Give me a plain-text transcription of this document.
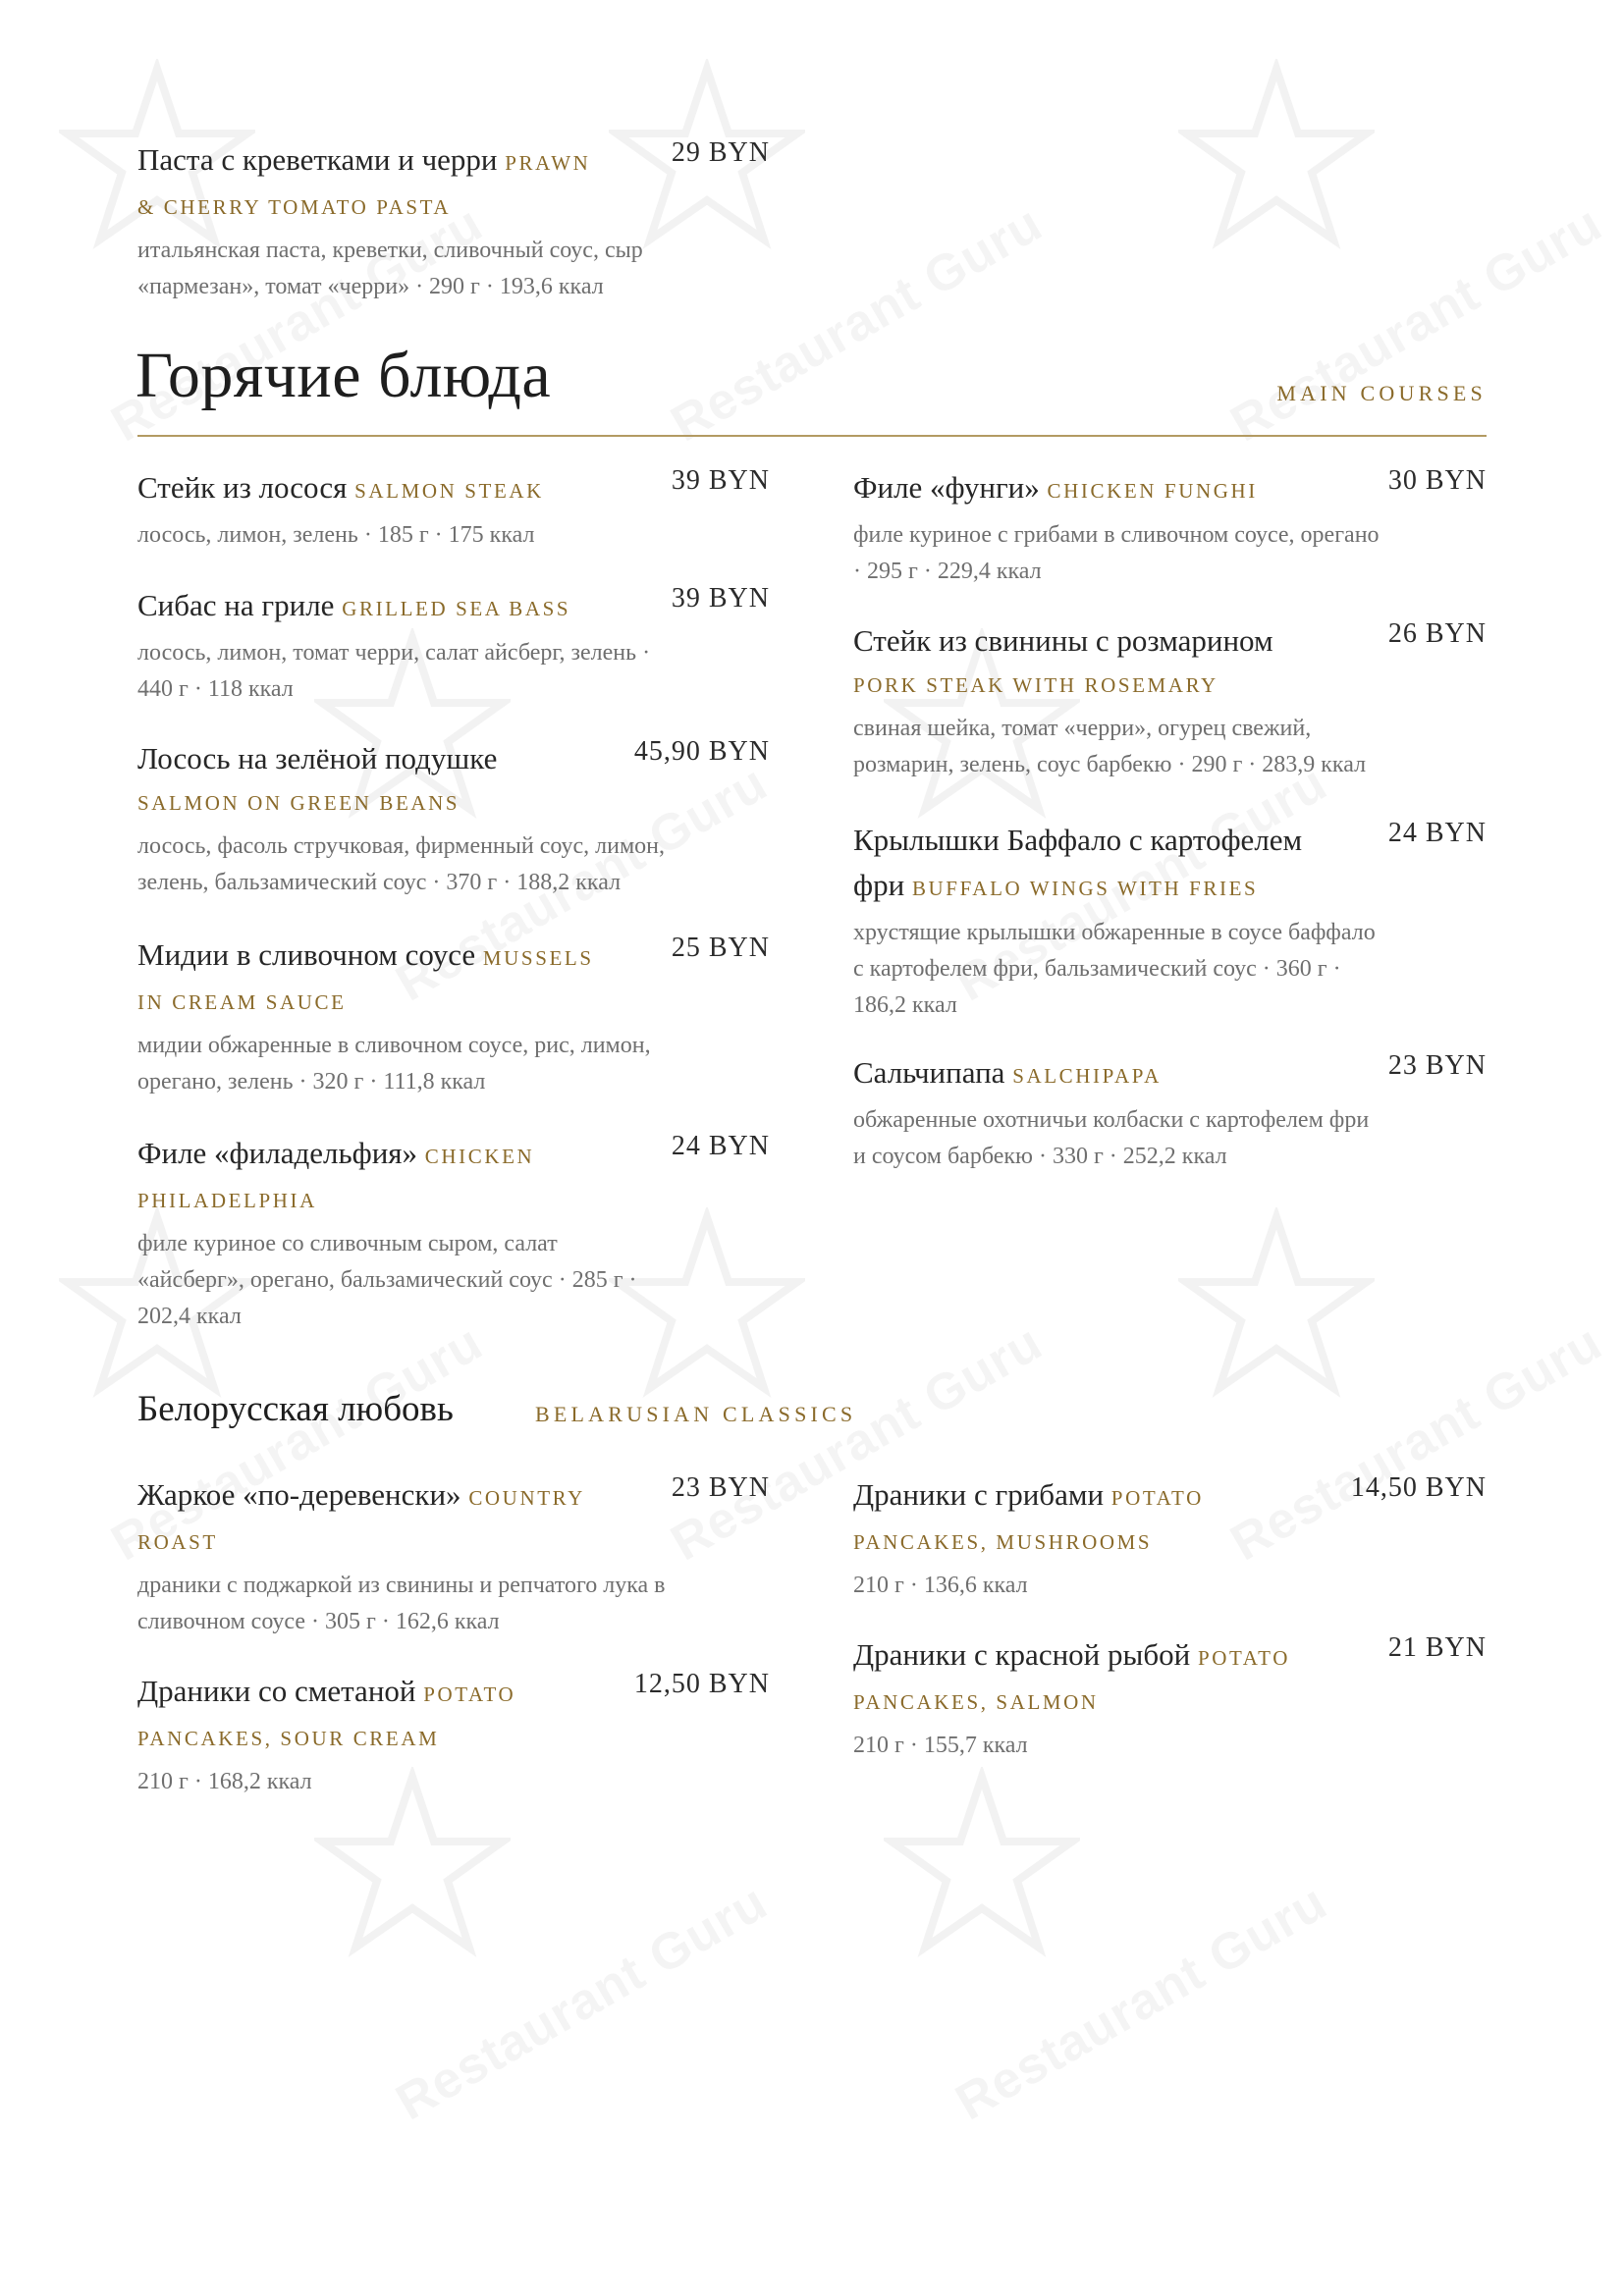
Паста с креветками и черри PRAWN
& CHERRY TOMATO PASTA
итальянская паста, креветки, сливочный соус, сыр
«пармезан», томат «черри» · 290 г · 193,6 ккал
29 BYN
Горячие блюда	MAIN COURSES
Стейк из лосося SALMON STEAK
лосось, лимон, зелень · 185 г · 175 ккал
39 BYN
Сибас на гриле GRILLED SEA BASS
лосось, лимон, томат черри, салат айсберг, зелень ·
440 г · 118 ккал
39 BYN
Лосось на зелёной подушке
SALMON ON GREEN BEANS
лосось, фасоль стручковая, фирменный соус, лимон,
зелень, бальзамический соус · 370 г · 188,2 ккал
45,90 BYN
Мидии в сливочном соусе MUSSELS
IN CREAM SAUCE
мидии обжаренные в сливочном соусе, рис, лимон,
орегано, зелень · 320 г · 111,8 ккал
25 BYN
Филе «филадельфия» CHICKEN
PHILADELPHIA
филе куриное со сливочным сыром, салат
«айсберг», орегано, бальзамический соус · 285 г ·
202,4 ккал
24 BYN
Филе «фунги» CHICKEN FUNGHI
филе куриное с грибами в сливочном соусе, орегано
· 295 г · 229,4 ккал
30 BYN
Стейк из свинины с розмарином
PORK STEAK WITH ROSEMARY
свиная шейка, томат «черри», огурец свежий,
розмарин, зелень, соус барбекю · 290 г · 283,9 ккал
26 BYN
Крылышки Баффало с картофелем
фри BUFFALO WINGS WITH FRIES
хрустящие крылышки обжаренные в соусе баффало
с картофелем фри, бальзамический соус · 360 г ·
186,2 ккал
24 BYN
Сальчипапа SALCHIPAPA
обжаренные охотничьи колбаски с картофелем фри
и соусом барбекю · 330 г · 252,2 ккал
23 BYN
Белорусская любовь	BELARUSIAN CLASSICS
Жаркое «по-деревенски» COUNTRY
ROAST
драники с поджаркой из свинины и репчатого лука в
сливочном соусе · 305 г · 162,6 ккал
23 BYN
Драники со сметаной POTATO
PANCAKES, SOUR CREAM
210 г · 168,2 ккал
12,50 BYN
Драники с грибами POTATO
PANCAKES, MUSHROOMS
210 г · 136,6 ккал
14,50 BYN
Драники с красной рыбой POTATO
PANCAKES, SALMON
210 г · 155,7 ккал
21 BYN
